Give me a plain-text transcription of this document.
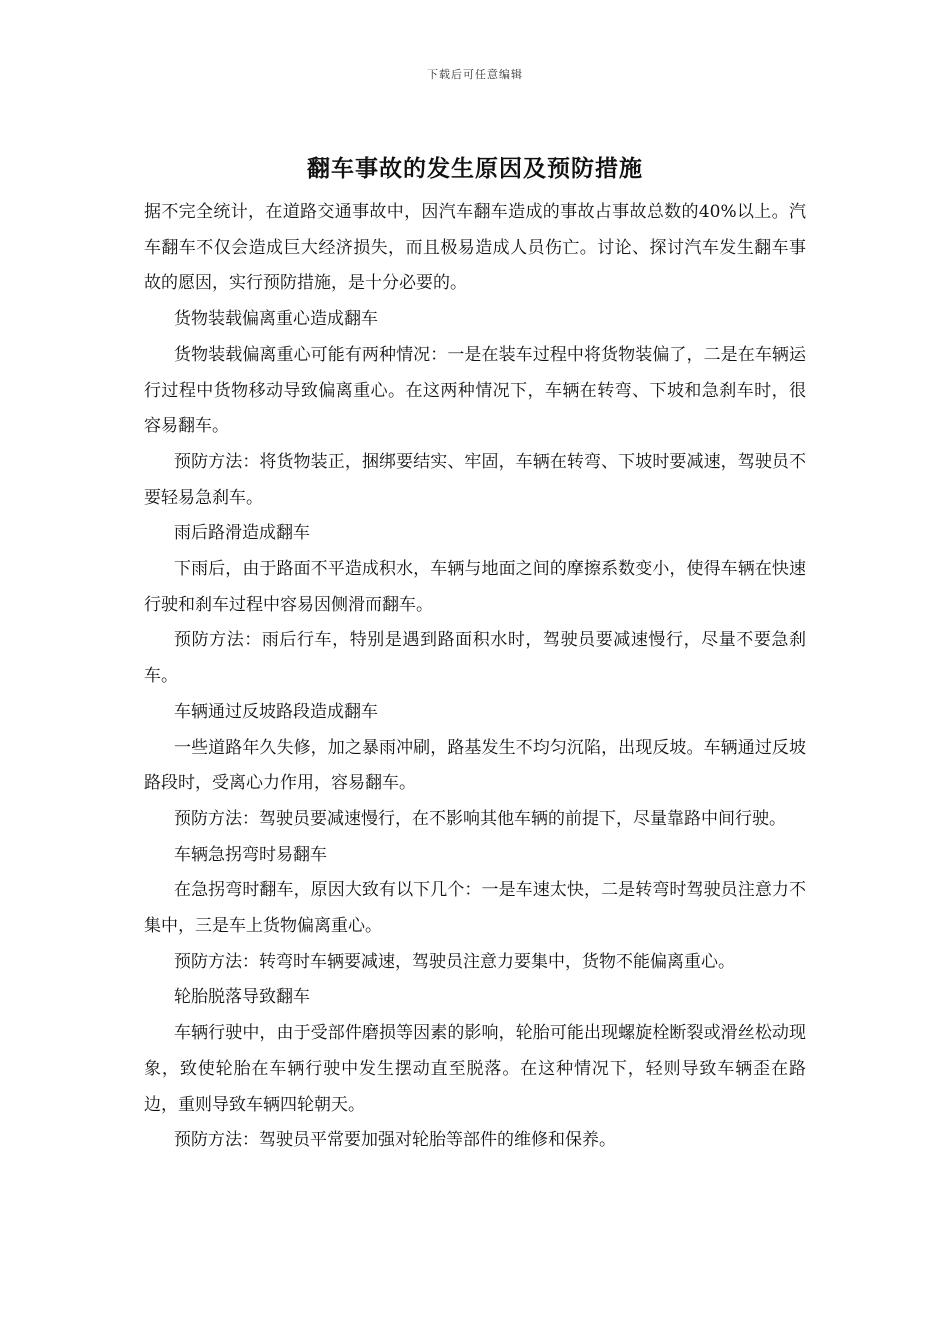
下载后可任意编辑
翻车事故的发生原因及预防措施

据不完全统计，在道路交通事故中，因汽车翻车造成的事故占事故总数的40%以上。汽车翻车不仅会造成巨大经济损失，而且极易造成人员伤亡。讨论、探讨汽车发生翻车事故的愿因，实行预防措施，是十分必要的。

货物装载偏离重心造成翻车

货物装载偏离重心可能有两种情况：一是在装车过程中将货物装偏了，二是在车辆运行过程中货物移动导致偏离重心。在这两种情况下，车辆在转弯、下坡和急刹车时，很容易翻车。

预防方法：将货物装正，捆绑要结实、牢固，车辆在转弯、下坡时要减速，驾驶员不要轻易急刹车。

雨后路滑造成翻车

下雨后，由于路面不平造成积水，车辆与地面之间的摩擦系数变小，使得车辆在快速行驶和刹车过程中容易因侧滑而翻车。

预防方法：雨后行车，特别是遇到路面积水时，驾驶员要减速慢行，尽量不要急刹车。

车辆通过反坡路段造成翻车

一些道路年久失修，加之暴雨冲刷，路基发生不均匀沉陷，出现反坡。车辆通过反坡路段时，受离心力作用，容易翻车。

预防方法：驾驶员要减速慢行，在不影响其他车辆的前提下，尽量靠路中间行驶。

车辆急拐弯时易翻车

在急拐弯时翻车，原因大致有以下几个：一是车速太快，二是转弯时驾驶员注意力不集中，三是车上货物偏离重心。

预防方法：转弯时车辆要减速，驾驶员注意力要集中，货物不能偏离重心。

轮胎脱落导致翻车

车辆行驶中，由于受部件磨损等因素的影响，轮胎可能出现螺旋栓断裂或滑丝松动现象，致使轮胎在车辆行驶中发生摆动直至脱落。在这种情况下，轻则导致车辆歪在路边，重则导致车辆四轮朝天。

预防方法：驾驶员平常要加强对轮胎等部件的维修和保养。
